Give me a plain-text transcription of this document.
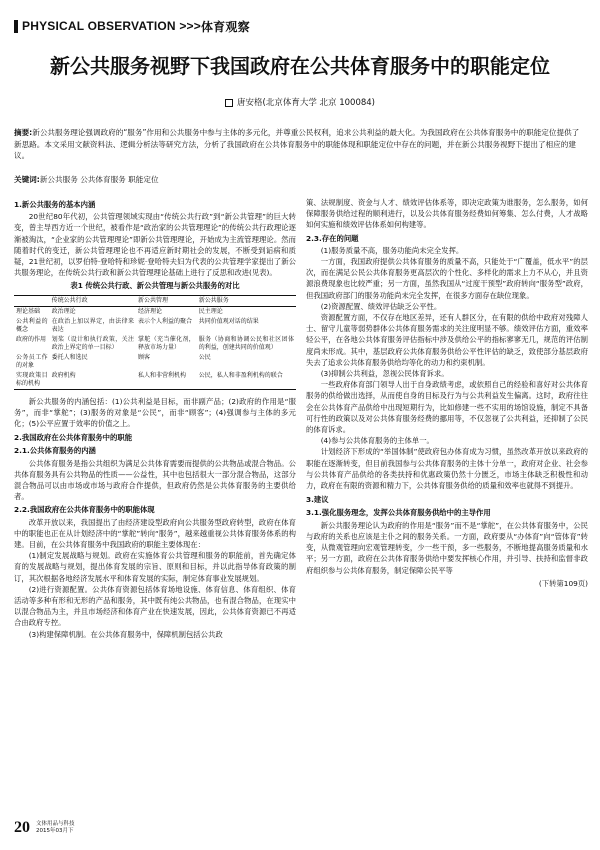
PHYSICAL OBSERVATION >>> 体育观察
新公共服务视野下我国政府在公共体育服务中的职能定位
唐安格(北京体育大学 北京 100084)
摘要:新公共服务理论强调政府的“服务”作用和公共服务中参与主体的多元化，并尊重公民权利，追求公共利益的最大化。为我国政府在公共体育服务中的职能定位提供了新思路。本文采用文献资料法、逻辑分析法等研究方法，分析了我国政府在公共体育服务中的职能体现和职能定位中存在的问题，并在新公共服务视野下提出了相应的建议。
关键词:新公共服务 公共体育服务 职能定位
1.新公共服务的基本内涵

20世纪80年代初，公共管理领域实现由“传统公共行政”到“新公共管理”的巨大转变，曾主导西方近一个世纪，被看作是“政治家的公共管理理论”的传统公共行政理论逐渐被淘汰，“企业家的公共管理理论”即新公共管理理论，开始成为主流管理理论。然而随着时代的变迁，新公共管理理论也不再适应新时期社会的发展，不断受到诟病和质疑，21世纪初，以罗伯特·登哈特和珍妮·登哈特夫妇为代表的公共管理学家提出了新公共服务理论，在传统公共行政和新公共管理理论基础上进行了反思和改进(见表)。

表1 传统公共行政、新公共管理与新公共服务的对比
	传统公共行政	新公共管理	新公共服务
理论基础	政治理论	经济理论	民主理论
公共利益的概念	在政治上加以界定，由法律来表达	表示个人利益的聚合	共同价值观对话的结果
政府的作用	划桨（设计和执行政策，关注政治上界定的单一目标）	掌舵（充当催化剂，释放市场力量）	服务（协商和协调公民和社区团体的利益，创建共同的价值观）
公务员工作的对象	委托人和选民	顾客	公民
实现政策目标的机构	政府机构	私人和非营利机构	公民，私人和非盈利机构的联合

新公共服务的内涵包括：(1)公共利益是目标，而非副产品；(2)政府的作用是“服务”，而非“掌舵”；(3)服务的对象是“公民”，而非“顾客”；(4)强调参与主体的多元化；(5)公平应置于效率的价值之上。

2.我国政府在公共体育服务中的职能
2.1.公共体育服务的内涵

公共体育服务是指公共组织为满足公共体育需要而提供的公共物品或混合物品。公共体育服务具有公共物品的性质——公益性，其中也包括很大一部分混合物品，这部分混合物品可以由市场或市场与政府合作提供，但政府仍然是公共体育服务的主要供给者。

2.2.我国政府在公共体育服务中的职能体现

改革开放以来，我国提出了由经济建设型政府向公共服务型政府转型，政府在体育中的职能也正在从计划经济中的“掌舵”转向“服务”，越来越重视公共体育服务体系的构建。目前，在公共体育服务中我国政府的职能主要体现在：

(1)制定发展战略与规划。政府在实施体育公共管理和服务的职能前，首先确定体育的发展战略与规划，提出体育发展的宗旨、原则和目标，并以此指导体育政策的制订，其次根据各地经济发展水平和体育发展的实际，制定体育事业发展规划。

(2)进行资源配置。公共体育资源包括体育场地设施、体育信息、体育组织、体育活动等多种有形和无形的产品和服务，其中既有纯公共物品，也有混合物品，在现实中以混合物品为主，并且市场经济和体育产业在快速发展，因此，公共体育资源已不再适合由政府专控。

(3)构建保障机制。在公共体育服务中，保障机制包括公共政

策、法规制度、资金与人才、绩效评估体系等，即决定政策为谁服务，怎么服务，如何保障服务供给过程的顺利进行，以及公共体育服务经费如何筹集、怎么付费，人才战略如何实施和绩效评估体系如何构建等。

2.3.存在的问题

(1)服务质量不高，服务功能尚未完全发挥。

一方面，我国政府提供公共体育服务的质量不高，只能处于“广覆盖，低水平”的层次，而在满足公民公共体育服务更高层次的个性化、多样化的需求上力不从心，并且资源浪费现象也比较严重；另一方面，虽然我国从“过度干预型”政府转向“服务型”政府，但我国政府部门的服务功能尚未完全发挥，在很多方面存在缺位现象。

(2)资源配置、绩效评估缺乏公平性。

资源配置方面，不仅存在地区差异，还有人群区分，在有限的供给中政府对残障人士、留守儿童等弱势群体公共体育服务需求的关注度明显不够。绩效评估方面，重效率轻公平，在各地公共体育服务评估指标中涉及供给公平的指标寥寥无几，规范的评估制度尚未形成。其中，基层政府公共体育服务供给公平性评估的缺乏，致使部分基层政府失去了追求公共体育服务供给均等化的动力和约束机制。

(3)抑制公共利益，忽视公民体育诉求。

一些政府体育部门领导人出于自身政绩考虑，或依照自己的经验和喜好对公共体育服务的供给做出选择，从而使自身的目标及行为与公共利益发生偏离。这时，政府往往会在公共体育产品供给中出现短期行为，比如修建一些不实用的场馆设施，制定不具备可行性的政策以及对公共体育服务经费的挪用等，不仅忽视了公共利益，还抑制了公民的体育诉求。

(4)参与公共体育服务的主体单一。

计划经济下形成的“举国体制”使政府包办体育成为习惯，虽然改革开放以来政府的职能在逐渐转变，但目前我国参与公共体育服务的主体十分单一，政府对企业、社会参与公共体育产品供给的各类扶持和优惠政策仍然十分匮乏，市场主体缺乏积极性和动力，政府在有限的资源和精力下，公共体育服务供给的质量和效率也就得不到提升。

3.建议
3.1.强化服务理念，发挥公共体育服务供给中的主导作用

新公共服务理论认为政府的作用是“服务”而不是“掌舵”，在公共体育服务中，公民与政府的关系也应该是主仆之间的服务关系。一方面，政府要从“办体育”向“管体育”转变，从微观管理向宏观管理转变，少一些干预，多一些服务，不断地提高服务质量和水平；另一方面，政府在公共体育服务供给中要发挥核心作用，并引导、扶持和监督非政府组织参与公共体育服务，制定保障公民平等

(下转第109页)
20 文体用品与科技
2015年03月下
